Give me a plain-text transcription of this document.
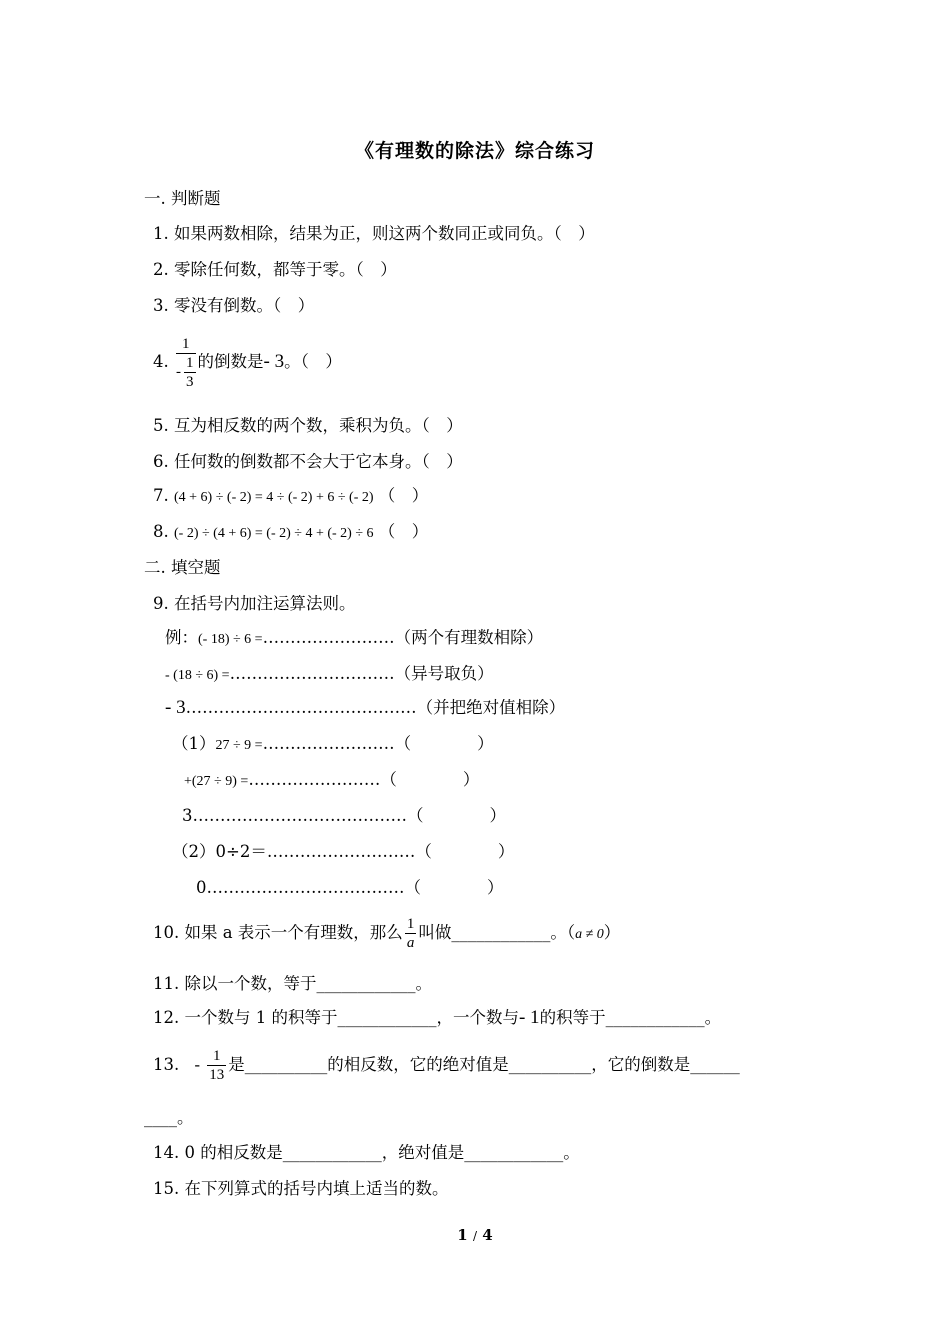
《有理数的除法》综合练习
一. 判断题
1. 如果两数相除，结果为正，则这两个数同正或同负。（　）
2. 零除任何数，都等于零。（　）
3. 零没有倒数。（　）
4. $\frac{1}{- \frac{1}{3}}$ 的倒数是- 3。（　）
5. 互为相反数的两个数，乘积为负。（　）
6. 任何数的倒数都不会大于它本身。（　）
7. (4 + 6) ÷ (- 2) = 4 ÷ (- 2) + 6 ÷ (- 2) （　）
8. (- 2) ÷ (4 + 6) = (- 2) ÷ 4 + (- 2) ÷ 6 （　）
二. 填空题
9. 在括号内加注运算法则。
例：(- 18) ÷ 6 =……………………（两个有理数相除）
- (18 ÷ 6) =…………………………（异号取负）
- 3……………………………………（并把绝对值相除）
（1）27 ÷ 9 =……………………（　　　　）
+(27 ÷ 9) =……………………（　　　　）
3…………………………………（　　　　）
（2）0÷2＝………………………（　　　　）
0………………………………（　　　　）
10. 如果 a 表示一个有理数，那么 $\frac{1}{a}$ 叫做____________。（a ≠ 0）
11. 除以一个数，等于____________。
12. 一个数与 1 的积等于____________，一个数与- 1的积等于____________。
13. - $\frac{1}{13}$ 是__________的相反数，它的绝对值是__________，它的倒数是______
____。
14. 0 的相反数是____________，绝对值是____________。
15. 在下列算式的括号内填上适当的数。
1 / 4
